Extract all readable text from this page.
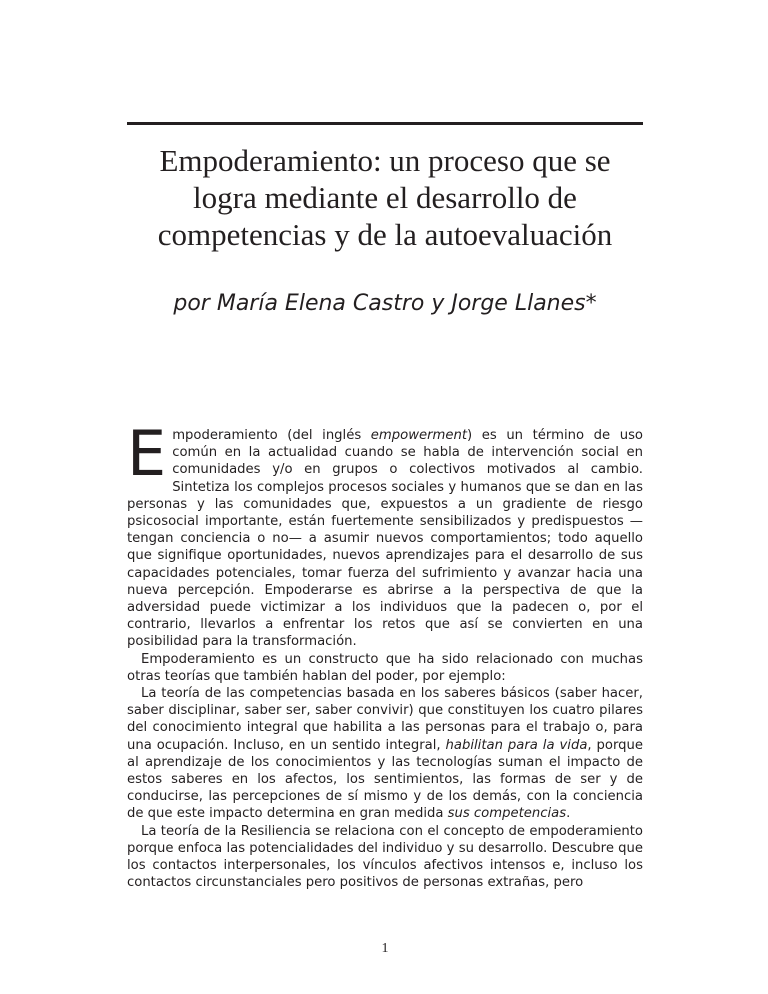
Empoderamiento: un proceso que se logra mediante el desarrollo de competencias y de la autoevaluación

por María Elena Castro y Jorge Llanes*

Empoderamiento (del inglés empowerment) es un término de uso común en la actualidad cuando se habla de intervención social en comunidades y/o en grupos o colectivos motivados al cambio. Sintetiza los complejos procesos sociales y humanos que se dan en las personas y las comunidades que, expuestos a un gradiente de riesgo psicosocial importante, están fuertemente sensibilizados y predispuestos —tengan conciencia o no— a asumir nuevos comportamientos; todo aquello que signifique oportunidades, nuevos aprendizajes para el desarrollo de sus capacidades potenciales, tomar fuerza del sufrimiento y avanzar hacia una nueva percepción. Empoderarse es abrirse a la perspectiva de que la adversidad puede victimizar a los individuos que la padecen o, por el contrario, llevarlos a enfrentar los retos que así se convierten en una posibilidad para la transformación.

Empoderamiento es un constructo que ha sido relacionado con muchas otras teorías que también hablan del poder, por ejemplo:

La teoría de las competencias basada en los saberes básicos (saber hacer, saber disciplinar, saber ser, saber convivir) que constituyen los cuatro pilares del conocimiento integral que habilita a las personas para el trabajo o, para una ocupación. Incluso, en un sentido integral, habilitan para la vida, porque al aprendizaje de los conocimientos y las tecnologías suman el impacto de estos saberes en los afectos, los sentimientos, las formas de ser y de conducirse, las percepciones de sí mismo y de los demás, con la conciencia de que este impacto determina en gran medida sus competencias.

La teoría de la Resiliencia se relaciona con el concepto de empoderamiento porque enfoca las potencialidades del individuo y su desarrollo. Descubre que los contactos interpersonales, los vínculos afectivos intensos e, incluso los contactos circunstanciales pero positivos de personas extrañas, pero

1
